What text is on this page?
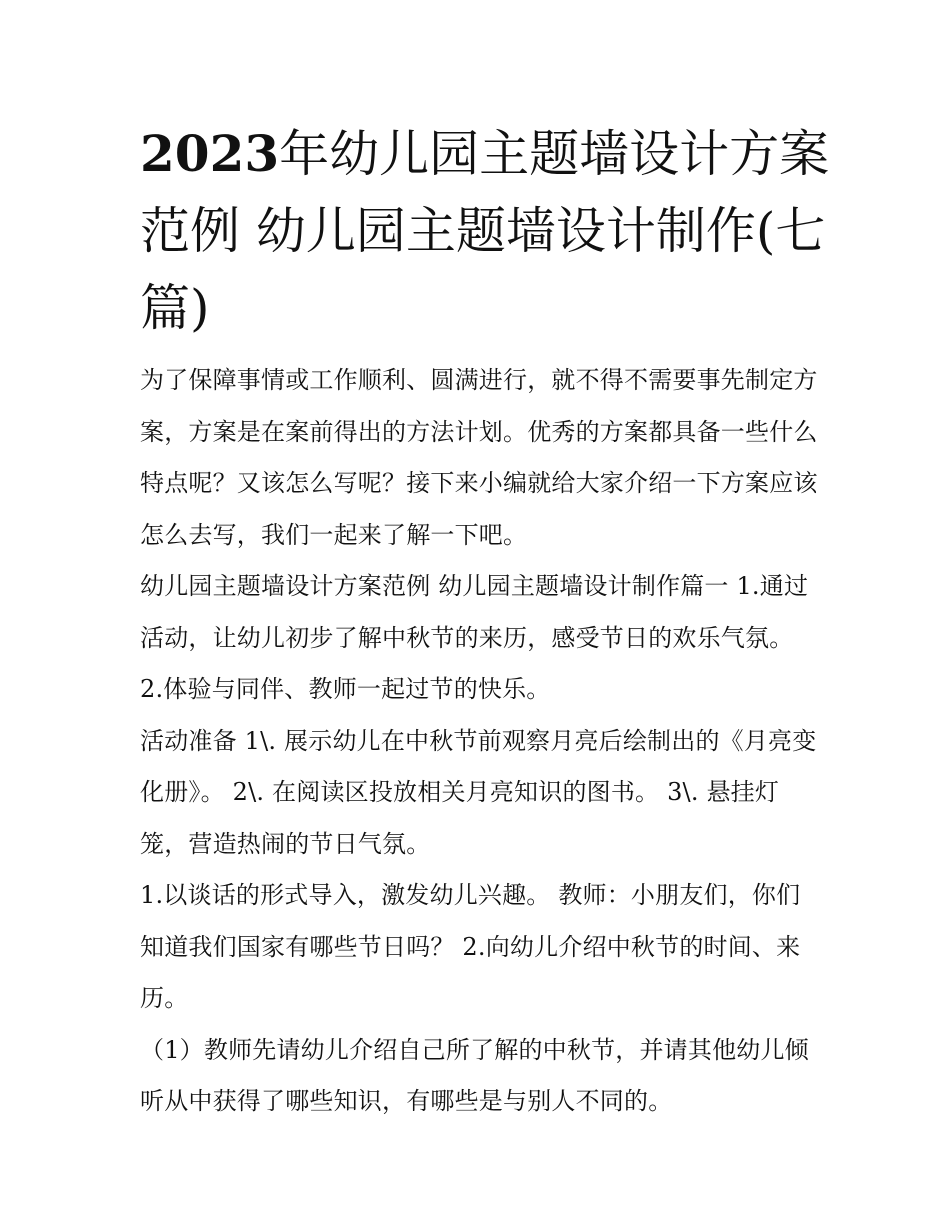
2023年幼儿园主题墙设计方案范例 幼儿园主题墙设计制作(七篇)

为了保障事情或工作顺利、圆满进行，就不得不需要事先制定方案，方案是在案前得出的方法计划。优秀的方案都具备一些什么特点呢？又该怎么写呢？接下来小编就给大家介绍一下方案应该怎么去写，我们一起来了解一下吧。

幼儿园主题墙设计方案范例 幼儿园主题墙设计制作篇一 1.通过活动，让幼儿初步了解中秋节的来历，感受节日的欢乐气氛。 2.体验与同伴、教师一起过节的快乐。

活动准备 1\. 展示幼儿在中秋节前观察月亮后绘制出的《月亮变化册》。 2\. 在阅读区投放相关月亮知识的图书。 3\. 悬挂灯笼，营造热闹的节日气氛。

1.以谈话的形式导入，激发幼儿兴趣。 教师：小朋友们，你们知道我们国家有哪些节日吗？ 2.向幼儿介绍中秋节的时间、来历。

（1）教师先请幼儿介绍自己所了解的中秋节，并请其他幼儿倾听从中获得了哪些知识，有哪些是与别人不同的。
